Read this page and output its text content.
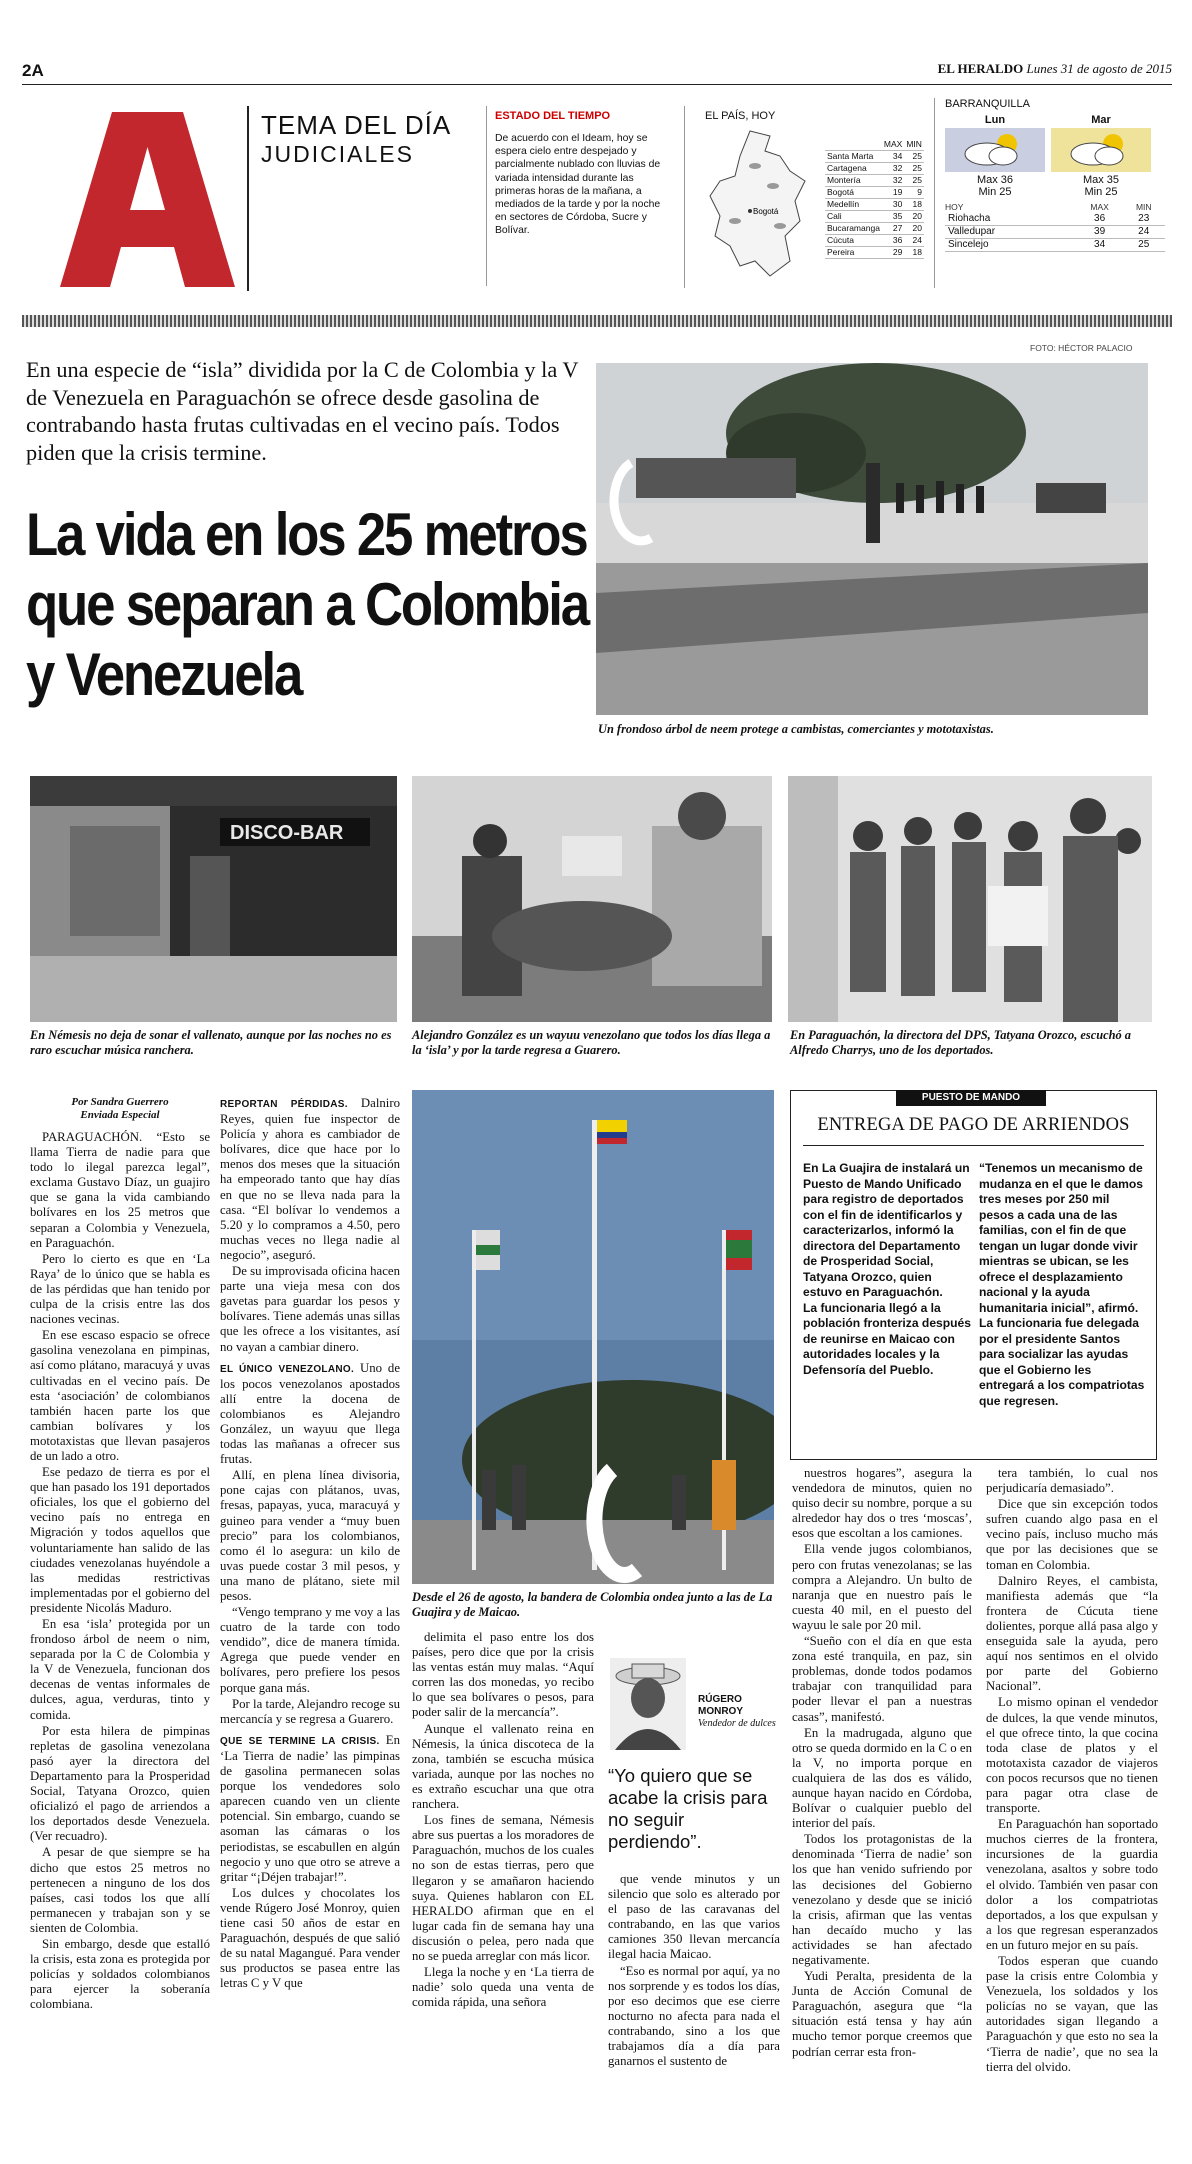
2A	EL HERALDO Lunes 31 de agosto de 2015
TEMA DEL DÍA
JUDICIALES
ESTADO DEL TIEMPO
De acuerdo con el Ideam, hoy se espera cielo entre despejado y parcialmente nublado con lluvias de variada intensidad durante las primeras horas de la mañana, a mediados de la tarde y por la noche en sectores de Córdoba, Sucre y Bolívar.
EL PAÍS, HOY
Bogotá
	MAX	MIN
Santa Marta	34	25
Cartagena	32	25
Montería	32	25
Bogotá	19	9
Medellín	30	18
Cali	35	20
Bucaramanga	27	20
Cúcuta	36	24
Pereira	29	18
BARRANQUILLA
Lun
Max 36
Min 25
Mar
Max 35
Min 25
HOY	MAX	MIN
Riohacha	36	23
Valledupar	39	24
Sincelejo	34	25
FOTO: HÉCTOR PALACIO
En una especie de “isla” dividida por la C de Colombia y la V de Venezuela en Paraguachón se ofrece desde gasolina de contrabando hasta frutas cultivadas en el vecino país. Todos piden que la crisis termine.
La vida en los 25 metros que separan a Colombia y Venezuela
Un frondoso árbol de neem protege a cambistas, comerciantes y mototaxistas.
DISCO-BAR
En Némesis no deja de sonar el vallenato, aunque por las noches no es raro escuchar música ranchera.
Alejandro González es un wayuu venezolano que todos los días llega a la ‘isla’ y por la tarde regresa a Guarero.
En Paraguachón, la directora del DPS, Tatyana Orozco, escuchó a Alfredo Charrys, uno de los deportados.
Por Sandra Guerrero
Enviada Especial

PARAGUACHÓN. “Esto se llama Tierra de nadie para que todo lo ilegal parezca legal”, exclama Gustavo Díaz, un guajiro que se gana la vida cambiando bolívares en los 25 metros que separan a Colombia y Venezuela, en Paraguachón.

Pero lo cierto es que en ‘La Raya’ de lo único que se habla es de las pérdidas que han tenido por culpa de la crisis entre las dos naciones vecinas.

En ese escaso espacio se ofrece gasolina venezolana en pimpinas, así como plátano, maracuyá y uvas cultivadas en el vecino país. De esta ‘asociación’ de colombianos también hacen parte los que cambian bolívares y los mototaxistas que llevan pasajeros de un lado a otro.

Ese pedazo de tierra es por el que han pasado los 191 deportados oficiales, los que el gobierno del vecino país no entrega en Migración y todos aquellos que voluntariamente han salido de las ciudades venezolanas huyéndole a las medidas restrictivas implementadas por el gobierno del presidente Nicolás Maduro.

En esa ‘isla’ protegida por un frondoso árbol de neem o nim, separada por la C de Colombia y la V de Venezuela, funcionan dos decenas de ventas informales de dulces, agua, verduras, tinto y comida.

Por esta hilera de pimpinas repletas de gasolina venezolana pasó ayer la directora del Departamento para la Prosperidad Social, Tatyana Orozco, quien oficializó el pago de arriendos a los deportados desde Venezuela. (Ver recuadro).

A pesar de que siempre se ha dicho que estos 25 metros no pertenecen a ninguno de los dos países, casi todos los que allí permanecen y trabajan son y se sienten de Colombia.

Sin embargo, desde que estalló la crisis, esta zona es protegida por policías y soldados colombianos para ejercer la soberanía colombiana.

REPORTAN PÉRDIDAS. Dalniro Reyes, quien fue inspector de Policía y ahora es cambiador de bolívares, dice que hace por lo menos dos meses que la situación ha empeorado tanto que hay días en que no se lleva nada para la casa. “El bolívar lo vendemos a 5.20 y lo compramos a 4.50, pero muchas veces no llega nadie al negocio”, aseguró.

De su improvisada oficina hacen parte una vieja mesa con dos gavetas para guardar los pesos y bolívares. Tiene además unas sillas que les ofrece a los visitantes, así no vayan a cambiar dinero.

EL ÚNICO VENEZOLANO. Uno de los pocos venezolanos apostados allí entre la docena de colombianos es Alejandro González, un wayuu que llega todas las mañanas a ofrecer sus frutas.

Allí, en plena línea divisoria, pone cajas con plátanos, uvas, fresas, papayas, yuca, maracuyá y guineo para vender a “muy buen precio” para los colombianos, como él lo asegura: un kilo de uvas puede costar 3 mil pesos, y una mano de plátano, siete mil pesos.

“Vengo temprano y me voy a las cuatro de la tarde con todo vendido”, dice de manera tímida. Agrega que puede vender en bolívares, pero prefiere los pesos porque gana más.

Por la tarde, Alejandro recoge su mercancía y se regresa a Guarero.

QUE SE TERMINE LA CRISIS. En ‘La Tierra de nadie’ las pimpinas de gasolina permanecen solas porque los vendedores solo aparecen cuando ven un cliente potencial. Sin embargo, cuando se asoman las cámaras o los periodistas, se escabullen en algún negocio y uno que otro se atreve a gritar “¡Déjen trabajar!”.

Los dulces y chocolates los vende Rúgero José Monroy, quien tiene casi 50 años de estar en Paraguachón, después de que salió de su natal Magangué. Para vender sus productos se pasea entre las letras C y V que

Desde el 26 de agosto, la bandera de Colombia ondea junto a las de La Guajira y de Maicao.

delimita el paso entre los dos países, pero dice que por la crisis las ventas están muy malas. “Aquí corren las dos monedas, yo recibo lo que sea bolívares o pesos, para poder salir de la mercancía”.

Aunque el vallenato reina en Némesis, la única discoteca de la zona, también se escucha música variada, aunque por las noches no es extraño escuchar una que otra ranchera.

Los fines de semana, Némesis abre sus puertas a los moradores de Paraguachón, muchos de los cuales no son de estas tierras, pero que llegaron y se amañaron haciendo suya. Quienes hablaron con EL HERALDO afirman que en el lugar cada fin de semana hay una discusión o pelea, pero nada que no se pueda arreglar con más licor.

Llega la noche y en ‘La tierra de nadie’ solo queda una venta de comida rápida, una señora

RÚGERO MONROY
Vendedor de dulces
“Yo quiero que se acabe la crisis para no seguir perdiendo”.

que vende minutos y un silencio que solo es alterado por el paso de las caravanas del contrabando, en las que varios camiones 350 llevan mercancía ilegal hacia Maicao.

“Eso es normal por aquí, ya no nos sorprende y es todos los días, por eso decimos que ese cierre nocturno no afecta para nada el contrabando, sino a los que trabajamos día a día para ganarnos el sustento de

PUESTO DE MANDO
ENTREGA DE PAGO DE ARRIENDOS

En La Guajira de instalará un Puesto de Mando Unificado para registro de deportados con el fin de identificarlos y caracterizarlos, informó la directora del Departamento de Prosperidad Social, Tatyana Orozco, quien estuvo en Paraguachón.

La funcionaria llegó a la población fronteriza después de reunirse en Maicao con autoridades locales y la Defensoría del Pueblo.

“Tenemos un mecanismo de mudanza en el que le damos tres meses por 250 mil pesos a cada una de las familias, con el fin de que tengan un lugar donde vivir mientras se ubican, se les ofrece el desplazamiento nacional y la ayuda humanitaria inicial”, afirmó.

La funcionaria fue delegada por el presidente Santos para socializar las ayudas que el Gobierno les entregará a los compatriotas que regresen.

nuestros hogares”, asegura la vendedora de minutos, quien no quiso decir su nombre, porque a su alrededor hay dos o tres ‘moscas’, esos que escoltan a los camiones.

Ella vende jugos colombianos, pero con frutas venezolanas; se las compra a Alejandro. Un bulto de naranja que en nuestro país le cuesta 40 mil, en el puesto del wayuu le sale por 20 mil.

“Sueño con el día en que esta zona esté tranquila, en paz, sin problemas, donde todos podamos trabajar con tranquilidad para poder llevar el pan a nuestras casas”, manifestó.

En la madrugada, alguno que otro se queda dormido en la C o en la V, no importa porque en cualquiera de las dos es válido, aunque hayan nacido en Córdoba, Bolívar o cualquier pueblo del interior del país.

Todos los protagonistas de la denominada ‘Tierra de nadie’ son los que han venido sufriendo por las decisiones del Gobierno venezolano y desde que se inició la crisis, afirman que las ventas han decaído mucho y las actividades se han afectado negativamente.

Yudi Peralta, presidenta de la Junta de Acción Comunal de Paraguachón, asegura que “la situación está tensa y hay aún mucho temor porque creemos que podrían cerrar esta fron-

tera también, lo cual nos perjudicaría demasiado”.

Dice que sin excepción todos sufren cuando algo pasa en el vecino país, incluso mucho más que por las decisiones que se toman en Colombia.

Dalniro Reyes, el cambista, manifiesta además que “la frontera de Cúcuta tiene dolientes, porque allá pasa algo y enseguida sale la ayuda, pero aquí nos sentimos en el olvido por parte del Gobierno Nacional”.

Lo mismo opinan el vendedor de dulces, la que vende minutos, el que ofrece tinto, la que cocina toda clase de platos y el mototaxista cazador de viajeros con pocos recursos que no tienen para pagar otra clase de transporte.

En Paraguachón han soportado muchos cierres de la frontera, incursiones de la guardia venezolana, asaltos y sobre todo el olvido. También ven pasar con dolor a los compatriotas deportados, a los que expulsan y a los que regresan esperanzados en un futuro mejor en su país.

Todos esperan que cuando pase la crisis entre Colombia y Venezuela, los soldados y los policías no se vayan, que las autoridades sigan llegando a Paraguachón y que esto no sea la ‘Tierra de nadie’, que no sea la tierra del olvido.
